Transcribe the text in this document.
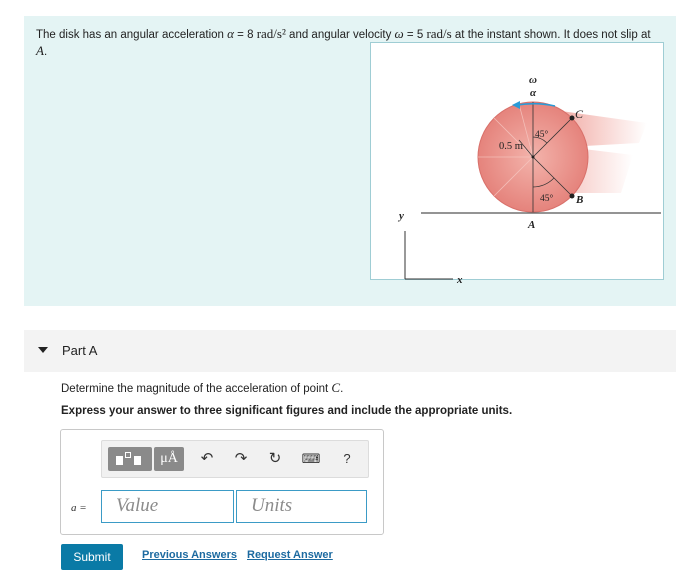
The disk has an angular acceleration α = 8 rad/s² and angular velocity ω = 5 rad/s at the instant shown. It does not slip at A.
ω
α
0.5 m
45°
45°
C
B
A
y
x
Part A
Determine the magnitude of the acceleration of point C.
Express your answer to three significant figures and include the appropriate units.
μÅ	↶	↷	↻	⌨	?
a =	Value	Units
Submit	Previous Answers Request Answer
